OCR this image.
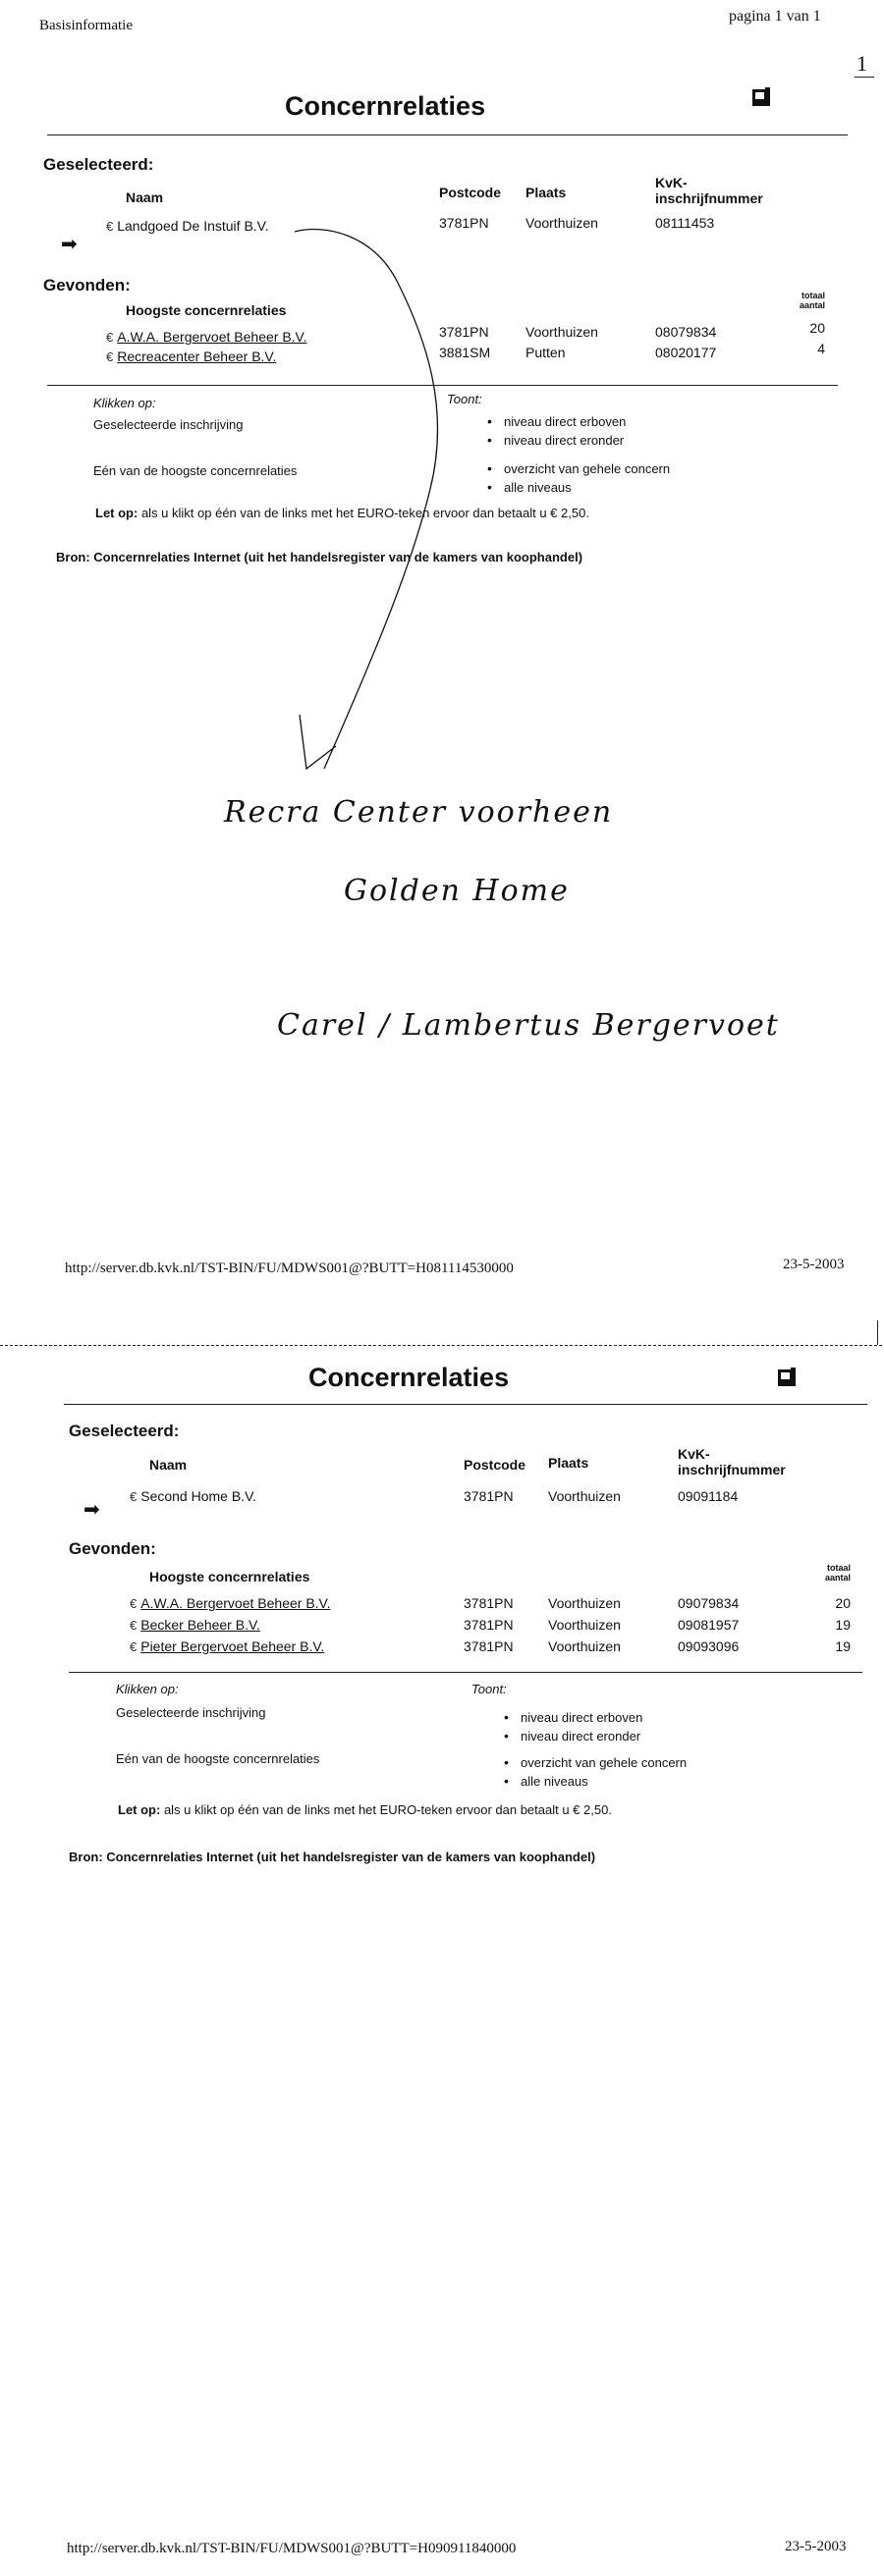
Basisinformatie
pagina 1 van 1
1
Concernrelaties
Geselecteerd:
Naam	Postcode Plaats
KvK-
inschrijfnummer
➡
€ Landgoed De Instuif B.V.	3781PN	Voorthuizen	08111453
Gevonden:
Hoogste concernrelaties
totaal
aantal
€ A.W.A. Bergervoet Beheer B.V.	3781PN	Voorthuizen	08079834	20
€ Recreacenter Beheer B.V.	3881SM	Putten	08020177	4
Klikken op:	Toont:
Geselecteerde inschrijving	• niveau direct erboven
• niveau direct eronder
Eén van de hoogste concernrelaties	• overzicht van gehele concern
• alle niveaus
Let op: als u klikt op één van de links met het EURO-teken ervoor dan betaalt u € 2,50.
Bron: Concernrelaties Internet (uit het handelsregister van de kamers van koophandel)
Recra Center voorheen
Golden Home
Carel / Lambertus Bergervoet
http://server.db.kvk.nl/TST-BIN/FU/MDWS001@?BUTT=H081114530000	23-5-2003
Concernrelaties
Geselecteerd:
Naam	Postcode Plaats
KvK-
inschrijfnummer
➡
€ Second Home B.V.	3781PN	Voorthuizen	09091184
Gevonden:
Hoogste concernrelaties
totaal
aantal
€ A.W.A. Bergervoet Beheer B.V.	3781PN	Voorthuizen	09079834	20
€ Becker Beheer B.V.	3781PN	Voorthuizen	09081957	19
€ Pieter Bergervoet Beheer B.V.	3781PN	Voorthuizen	09093096	19
Klikken op:	Toont:
Geselecteerde inschrijving	• niveau direct erboven
• niveau direct eronder
Eén van de hoogste concernrelaties	• overzicht van gehele concern
• alle niveaus
Let op: als u klikt op één van de links met het EURO-teken ervoor dan betaalt u € 2,50.
Bron: Concernrelaties Internet (uit het handelsregister van de kamers van koophandel)
http://server.db.kvk.nl/TST-BIN/FU/MDWS001@?BUTT=H090911840000	23-5-2003
